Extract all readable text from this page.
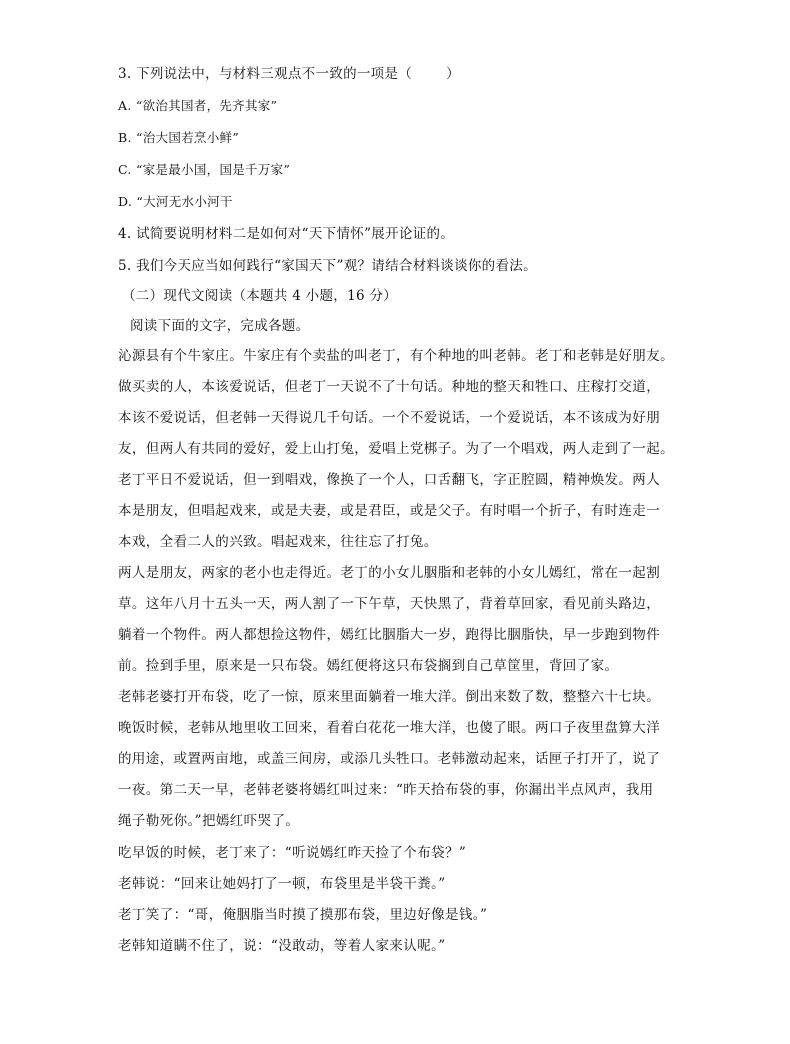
3. 下列说法中，与材料三观点不一致的一项是（	）
A. “欲治其国者，先齐其家”
B. “治大国若烹小鲜”
C. “家是最小国，国是千万家”
D. “大河无水小河干
4. 试简要说明材料二是如何对“天下情怀”展开论证的。
5. 我们今天应当如何践行“家国天下”观？请结合材料谈谈你的看法。
（二）现代文阅读（本题共 4 小题，16 分）
阅读下面的文字，完成各题。
沁源县有个牛家庄。牛家庄有个卖盐的叫老丁，有个种地的叫老韩。老丁和老韩是好朋友。
做买卖的人，本该爱说话，但老丁一天说不了十句话。种地的整天和牲口、庄稼打交道，
本该不爱说话，但老韩一天得说几千句话。一个不爱说话，一个爱说话，本不该成为好朋
友，但两人有共同的爱好，爱上山打兔，爱唱上党梆子。为了一个唱戏，两人走到了一起。
老丁平日不爱说话，但一到唱戏，像换了一个人，口舌翻飞，字正腔圆，精神焕发。两人
本是朋友，但唱起戏来，或是夫妻，或是君臣，或是父子。有时唱一个折子，有时连走一
本戏，全看二人的兴致。唱起戏来，往往忘了打兔。
两人是朋友，两家的老小也走得近。老丁的小女儿胭脂和老韩的小女儿嫣红，常在一起割
草。这年八月十五头一天，两人割了一下午草，天快黑了，背着草回家，看见前头路边，
躺着一个物件。两人都想捡这物件，嫣红比胭脂大一岁，跑得比胭脂快，早一步跑到物件
前。捡到手里，原来是一只布袋。嫣红便将这只布袋搁到自己草筐里，背回了家。
老韩老婆打开布袋，吃了一惊，原来里面躺着一堆大洋。倒出来数了数，整整六十七块。
晚饭时候，老韩从地里收工回来，看着白花花一堆大洋，也傻了眼。两口子夜里盘算大洋
的用途，或置两亩地，或盖三间房，或添几头牲口。老韩激动起来，话匣子打开了，说了
一夜。第二天一早，老韩老婆将嫣红叫过来：“昨天拾布袋的事，你漏出半点风声，我用
绳子勒死你。”把嫣红吓哭了。
吃早饭的时候，老丁来了：“听说嫣红昨天捡了个布袋？”
老韩说：“回来让她妈打了一顿，布袋里是半袋干粪。”
老丁笑了：“哥，俺胭脂当时摸了摸那布袋，里边好像是钱。”
老韩知道瞒不住了，说：“没敢动，等着人家来认呢。”
